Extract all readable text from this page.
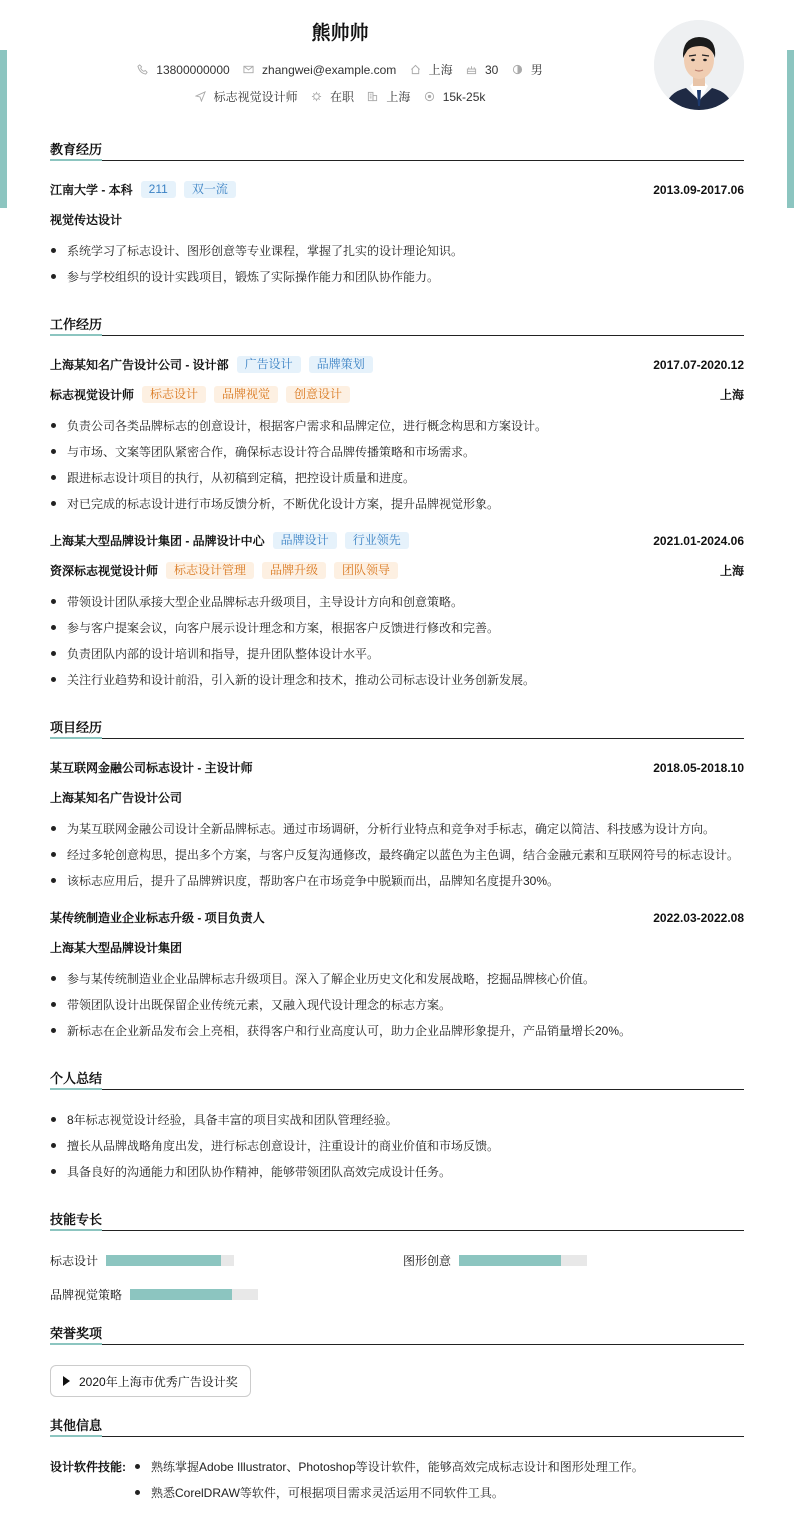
熊帅帅
13800000000
	zhangwei@example.com
	上海
	30
	男
标志视觉设计师
	在职
	上海
	15k-25k
教育经历
江南大学 - 本科	211	双一流	2013.09-2017.06
视觉传达设计
系统学习了标志设计、图形创意等专业课程，掌握了扎实的设计理论知识。
参与学校组织的设计实践项目，锻炼了实际操作能力和团队协作能力。
工作经历
上海某知名广告设计公司 - 设计部	广告设计	品牌策划	2017.07-2020.12
标志视觉设计师	标志设计	品牌视觉	创意设计	上海
负责公司各类品牌标志的创意设计，根据客户需求和品牌定位，进行概念构思和方案设计。
与市场、文案等团队紧密合作，确保标志设计符合品牌传播策略和市场需求。
跟进标志设计项目的执行，从初稿到定稿，把控设计质量和进度。
对已完成的标志设计进行市场反馈分析，不断优化设计方案，提升品牌视觉形象。
上海某大型品牌设计集团 - 品牌设计中心	品牌设计	行业领先	2021.01-2024.06
资深标志视觉设计师	标志设计管理	品牌升级	团队领导	上海
带领设计团队承接大型企业品牌标志升级项目，主导设计方向和创意策略。
参与客户提案会议，向客户展示设计理念和方案，根据客户反馈进行修改和完善。
负责团队内部的设计培训和指导，提升团队整体设计水平。
关注行业趋势和设计前沿，引入新的设计理念和技术，推动公司标志设计业务创新发展。
项目经历
某互联网金融公司标志设计 - 主设计师	2018.05-2018.10
上海某知名广告设计公司
为某互联网金融公司设计全新品牌标志。通过市场调研，分析行业特点和竞争对手标志，确定以简洁、科技感为设计方向。
经过多轮创意构思，提出多个方案，与客户反复沟通修改，最终确定以蓝色为主色调，结合金融元素和互联网符号的标志设计。
该标志应用后，提升了品牌辨识度，帮助客户在市场竞争中脱颖而出，品牌知名度提升30%。
某传统制造业企业标志升级 - 项目负责人	2022.03-2022.08
上海某大型品牌设计集团
参与某传统制造业企业品牌标志升级项目。深入了解企业历史文化和发展战略，挖掘品牌核心价值。
带领团队设计出既保留企业传统元素，又融入现代设计理念的标志方案。
新标志在企业新品发布会上亮相，获得客户和行业高度认可，助力企业品牌形象提升，产品销量增长20%。
个人总结
8年标志视觉设计经验，具备丰富的项目实战和团队管理经验。
擅长从品牌战略角度出发，进行标志创意设计，注重设计的商业价值和市场反馈。
具备良好的沟通能力和团队协作精神，能够带领团队高效完成设计任务。
技能专长
标志设计	图形创意
品牌视觉策略
荣誉奖项
2020年上海市优秀广告设计奖
其他信息
设计软件技能:	熟练掌握Adobe Illustrator、Photoshop等设计软件，能够高效完成标志设计和图形处理工作。
熟悉CorelDRAW等软件，可根据项目需求灵活运用不同软件工具。
